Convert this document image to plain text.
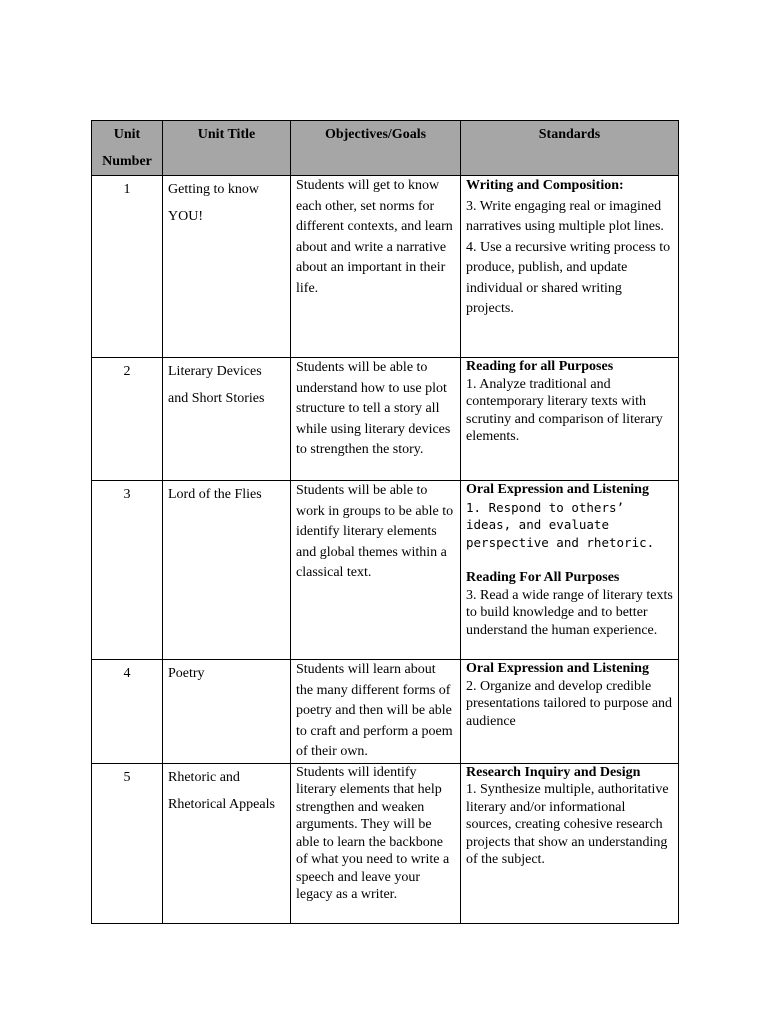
Unit Number	Unit Title	Objectives/Goals	Standards
1	Getting to know YOU!	Students will get to know each other, set norms for different contexts, and learn about and write a narrative about an important in their life.	Writing and Composition:
3. Write engaging real or imagined narratives using multiple plot lines.
4. Use a recursive writing process to produce, publish, and update individual or shared writing projects.

2	Literary Devices and Short Stories	Students will be able to understand how to use plot structure to tell a story all while using literary devices to strengthen the story.	Reading for all Purposes
1. Analyze traditional and contemporary literary texts with scrutiny and comparison of literary elements.

3	Lord of the Flies	Students will be able to work in groups to be able to identify literary elements and global themes within a classical text.	Oral Expression and Listening
1. Respond to others’ ideas, and evaluate perspective and rhetoric.
Reading For All Purposes
3. Read a wide range of literary texts to build knowledge and to better understand the human experience.

4	Poetry	Students will learn about the many different forms of poetry and then will be able to craft and perform a poem of their own.	Oral Expression and Listening
2. Organize and develop credible presentations tailored to purpose and audience

5	Rhetoric and Rhetorical Appeals	Students will identify literary elements that help strengthen and weaken arguments. They will be able to learn the backbone of what you need to write a speech and leave your legacy as a writer.	Research Inquiry and Design
1. Synthesize multiple, authoritative literary and/or informational sources, creating cohesive research projects that show an understanding of the subject.
